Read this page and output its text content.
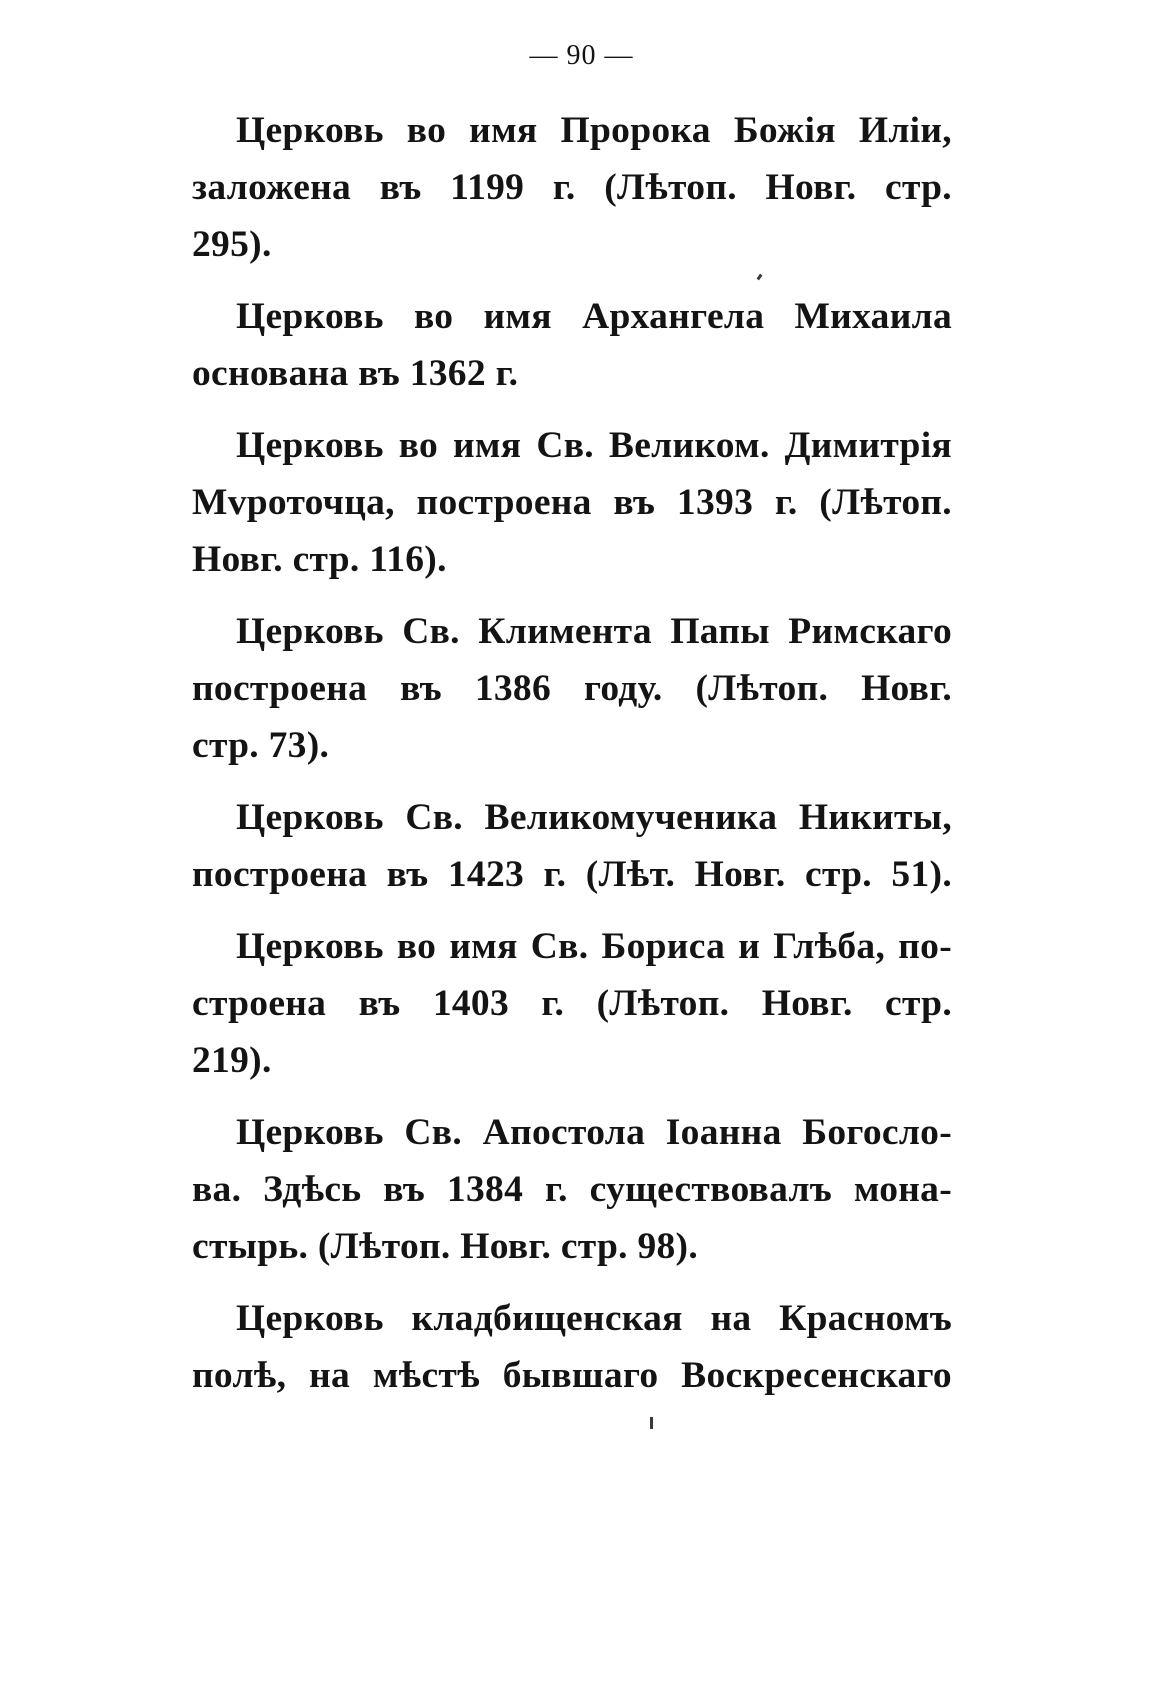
— 90 —
Церковь во имя Пророка Божія Иліи,
заложена въ 1199 г. (Лѣтоп. Новг. стр.
295).
Церковь во имя Архангела Михаила
основана въ 1362 г.
Церковь во имя Св. Великом. Димитрія
Мvроточца, построена въ 1393 г. (Лѣтоп.
Новг. стр. 116).
Церковь Св. Климента Папы Римскаго
построена въ 1386 году. (Лѣтоп. Новг.
стр. 73).
Церковь Св. Великомученика Никиты,
построена въ 1423 г. (Лѣт. Новг. стр. 51).
Церковь во имя Св. Бориса и Глѣба, по-
строена въ 1403 г. (Лѣтоп. Новг. стр.
219).
Церковь Св. Апостола Іоанна Богосло-
ва. Здѣсь въ 1384 г. существовалъ мона-
стырь. (Лѣтоп. Новг. стр. 98).
Церковь кладбищенская на Красномъ
полѣ, на мѣстѣ бывшаго Воскресенскаго
